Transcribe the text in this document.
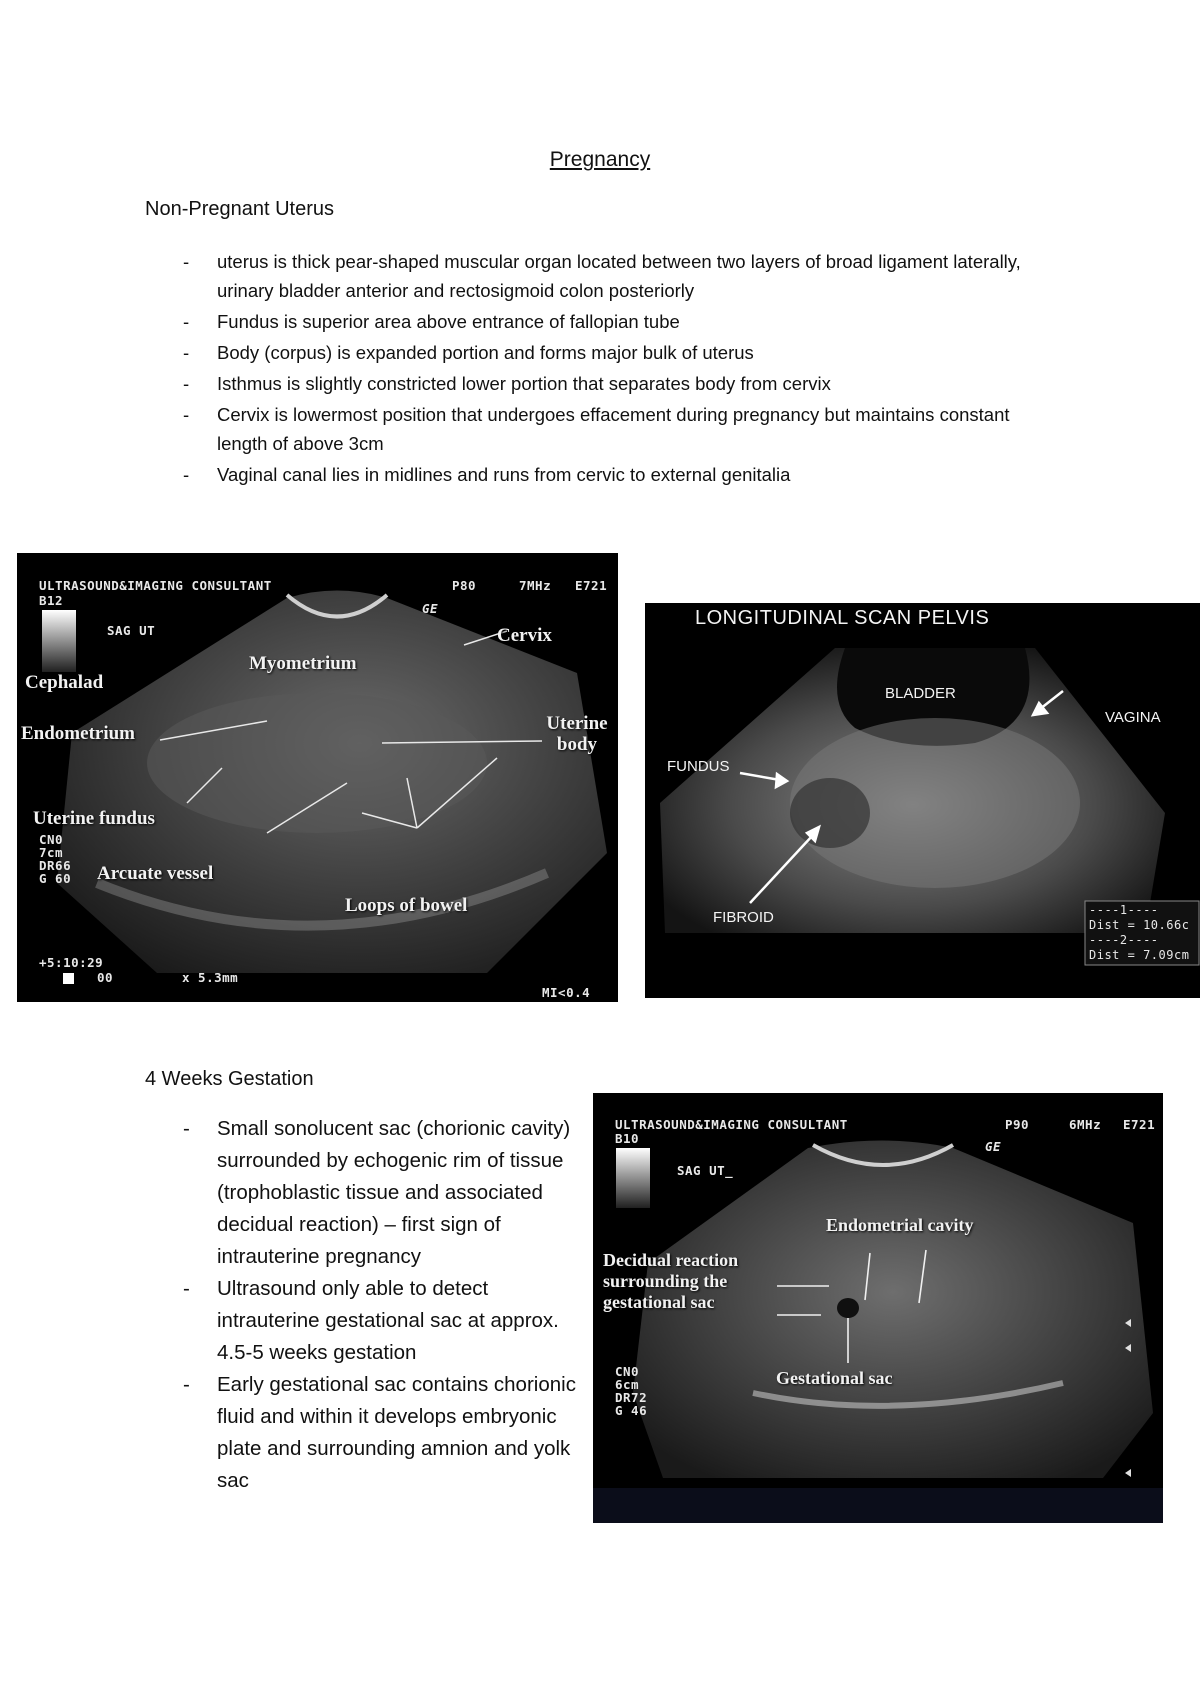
Pregnancy
Non-Pregnant Uterus
- uterus is thick pear-shaped muscular organ located between two layers of broad ligament laterally, urinary bladder anterior and rectosigmoid colon posteriorly
- Fundus is superior area above entrance of fallopian tube
- Body (corpus) is expanded portion and forms major bulk of uterus
- Isthmus is slightly constricted lower portion that separates body from cervix
- Cervix is lowermost position that undergoes effacement during pregnancy but maintains constant length of above 3cm
- Vaginal canal lies in midlines and runs from cervic to external genitalia
ULTRASOUND&IMAGING CONSULTANT	P80	7MHz E721
B12
SAG UT
GE
CN0
7cm
DR66
G 60
+5:10:29
00	x 5.3mm
MI<0.4
Cervix
Cephalad
Myometrium
Endometrium	Uterine body
Uterine fundus
Arcuate vessel
Loops of bowel
LONGITUDINAL SCAN PELVIS
BLADDER
VAGINA
FUNDUS
FIBROID	----1----
Dist = 10.66c
----2----
Dist = 7.09cm
4 Weeks Gestation
- Small sonolucent sac (chorionic cavity) surrounded by echogenic rim of tissue (trophoblastic tissue and associated decidual reaction) – first sign of intrauterine pregnancy
- Ultrasound only able to detect intrauterine gestational sac at approx. 4.5-5 weeks gestation
- Early gestational sac contains chorionic fluid and within it develops embryonic plate and surrounding amnion and yolk sac
ULTRASOUND&IMAGING CONSULTANT	P90	6MHz E721
B10
SAG UT_
GE
CN0
6cm
DR72
G 46
Endometrial cavity
Decidual reaction surrounding the gestational sac
Gestational sac
